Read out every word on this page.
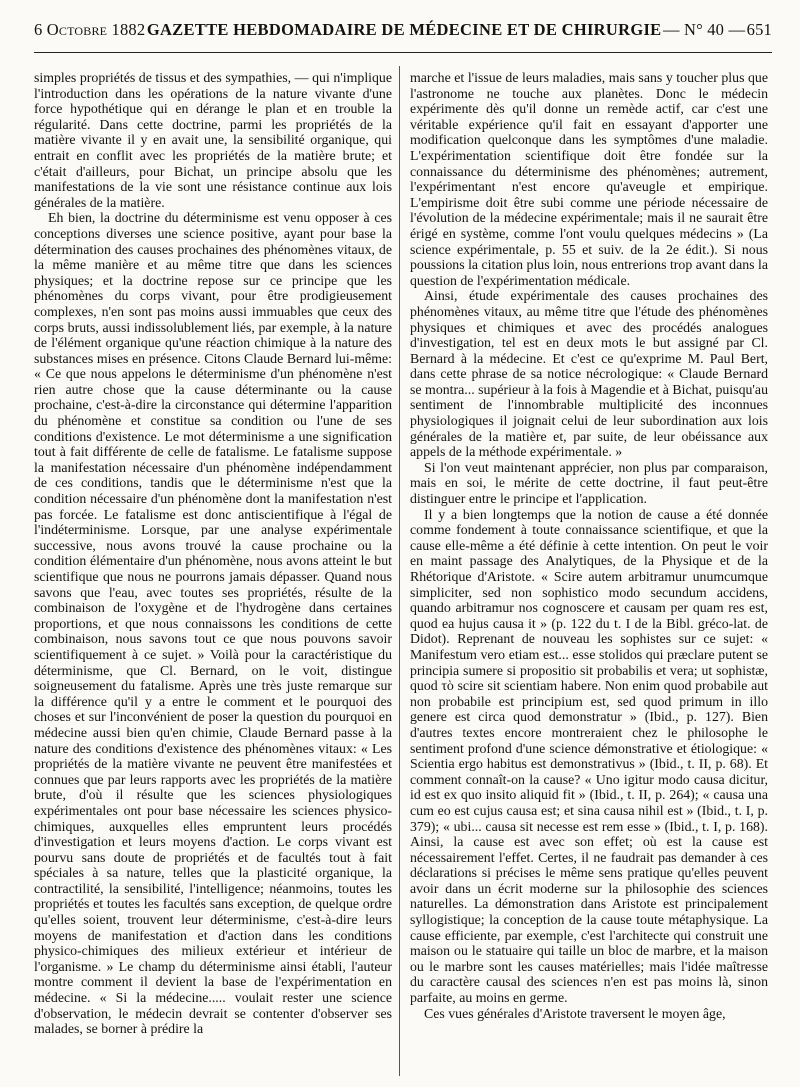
6 Octobre 1882 GAZETTE HEBDOMADAIRE DE MÉDECINE ET DE CHIRURGIE — N° 40 — 651

simples propriétés de tissus et des sympathies, — qui n'implique l'introduction dans les opérations de la nature vivante d'une force hypothétique qui en dérange le plan et en trouble la régularité. Dans cette doctrine, parmi les propriétés de la matière vivante il y en avait une, la sensibilité organique, qui entrait en conflit avec les propriétés de la matière brute; et c'était d'ailleurs, pour Bichat, un principe absolu que les manifestations de la vie sont une résistance continue aux lois générales de la matière.

Eh bien, la doctrine du déterminisme est venu opposer à ces conceptions diverses une science positive, ayant pour base la détermination des causes prochaines des phénomènes vitaux, de la même manière et au même titre que dans les sciences physiques; et la doctrine repose sur ce principe que les phénomènes du corps vivant, pour être prodigieusement complexes, n'en sont pas moins aussi immuables que ceux des corps bruts, aussi indissolublement liés, par exemple, à la nature de l'élément organique qu'une réaction chimique à la nature des substances mises en présence. Citons Claude Bernard lui-même: « Ce que nous appelons le déterminisme d'un phénomène n'est rien autre chose que la cause déterminante ou la cause prochaine, c'est-à-dire la circonstance qui détermine l'apparition du phénomène et constitue sa condition ou l'une de ses conditions d'existence. Le mot déterminisme a une signification tout à fait différente de celle de fatalisme. Le fatalisme suppose la manifestation nécessaire d'un phénomène indépendamment de ces conditions, tandis que le déterminisme n'est que la condition nécessaire d'un phénomène dont la manifestation n'est pas forcée. Le fatalisme est donc antiscientifique à l'égal de l'indéterminisme. Lorsque, par une analyse expérimentale successive, nous avons trouvé la cause prochaine ou la condition élémentaire d'un phénomène, nous avons atteint le but scientifique que nous ne pourrons jamais dépasser. Quand nous savons que l'eau, avec toutes ses propriétés, résulte de la combinaison de l'oxygène et de l'hydrogène dans certaines proportions, et que nous connaissons les conditions de cette combinaison, nous savons tout ce que nous pouvons savoir scientifiquement à ce sujet. » Voilà pour la caractéristique du déterminisme, que Cl. Bernard, on le voit, distingue soigneusement du fatalisme. Après une très juste remarque sur la différence qu'il y a entre le comment et le pourquoi des choses et sur l'inconvénient de poser la question du pourquoi en médecine aussi bien qu'en chimie, Claude Bernard passe à la nature des conditions d'existence des phénomènes vitaux: « Les propriétés de la matière vivante ne peuvent être manifestées et connues que par leurs rapports avec les propriétés de la matière brute, d'où il résulte que les sciences physiologiques expérimentales ont pour base nécessaire les sciences physico-chimiques, auxquelles elles empruntent leurs procédés d'investigation et leurs moyens d'action. Le corps vivant est pourvu sans doute de propriétés et de facultés tout à fait spéciales à sa nature, telles que la plasticité organique, la contractilité, la sensibilité, l'intelligence; néanmoins, toutes les propriétés et toutes les facultés sans exception, de quelque ordre qu'elles soient, trouvent leur déterminisme, c'est-à-dire leurs moyens de manifestation et d'action dans les conditions physico-chimiques des milieux extérieur et intérieur de l'organisme. » Le champ du déterminisme ainsi établi, l'auteur montre comment il devient la base de l'expérimentation en médecine. « Si la médecine..... voulait rester une science d'observation, le médecin devrait se contenter d'observer ses malades, se borner à prédire la

marche et l'issue de leurs maladies, mais sans y toucher plus que l'astronome ne touche aux planètes. Donc le médecin expérimente dès qu'il donne un remède actif, car c'est une véritable expérience qu'il fait en essayant d'apporter une modification quelconque dans les symptômes d'une maladie. L'expérimentation scientifique doit être fondée sur la connaissance du déterminisme des phénomènes; autrement, l'expérimentant n'est encore qu'aveugle et empirique. L'empirisme doit être subi comme une période nécessaire de l'évolution de la médecine expérimentale; mais il ne saurait être érigé en système, comme l'ont voulu quelques médecins » (La science expérimentale, p. 55 et suiv. de la 2e édit.). Si nous poussions la citation plus loin, nous entrerions trop avant dans la question de l'expérimentation médicale.

Ainsi, étude expérimentale des causes prochaines des phénomènes vitaux, au même titre que l'étude des phénomènes physiques et chimiques et avec des procédés analogues d'investigation, tel est en deux mots le but assigné par Cl. Bernard à la médecine. Et c'est ce qu'exprime M. Paul Bert, dans cette phrase de sa notice nécrologique: « Claude Bernard se montra... supérieur à la fois à Magendie et à Bichat, puisqu'au sentiment de l'innombrable multiplicité des inconnues physiologiques il joignait celui de leur subordination aux lois générales de la matière et, par suite, de leur obéissance aux appels de la méthode expérimentale. »

Si l'on veut maintenant apprécier, non plus par comparaison, mais en soi, le mérite de cette doctrine, il faut peut-être distinguer entre le principe et l'application.

Il y a bien longtemps que la notion de cause a été donnée comme fondement à toute connaissance scientifique, et que la cause elle-même a été définie à cette intention. On peut le voir en maint passage des Analytiques, de la Physique et de la Rhétorique d'Aristote. « Scire autem arbitramur unumcumque simpliciter, sed non sophistico modo secundum accidens, quando arbitramur nos cognoscere et causam per quam res est, quod ea hujus causa it » (p. 122 du t. I de la Bibl. gréco-lat. de Didot). Reprenant de nouveau les sophistes sur ce sujet: « Manifestum vero etiam est... esse stolidos qui præclare putent se principia sumere si propositio sit probabilis et vera; ut sophistæ, quod τὸ scire sit scientiam habere. Non enim quod probabile aut non probabile est principium est, sed quod primum in illo genere est circa quod demonstratur » (Ibid., p. 127). Bien d'autres textes encore montreraient chez le philosophe le sentiment profond d'une science démonstrative et étiologique: « Scientia ergo habitus est demonstrativus » (Ibid., t. II, p. 68). Et comment connaît-on la cause? « Uno igitur modo causa dicitur, id est ex quo insito aliquid fit » (Ibid., t. II, p. 264); « causa una cum eo est cujus causa est; et sina causa nihil est » (Ibid., t. I, p. 379); « ubi... causa sit necesse est rem esse » (Ibid., t. I, p. 168). Ainsi, la cause est avec son effet; où est la cause est nécessairement l'effet. Certes, il ne faudrait pas demander à ces déclarations si précises le même sens pratique qu'elles peuvent avoir dans un écrit moderne sur la philosophie des sciences naturelles. La démonstration dans Aristote est principalement syllogistique; la conception de la cause toute métaphysique. La cause efficiente, par exemple, c'est l'architecte qui construit une maison ou le statuaire qui taille un bloc de marbre, et la maison ou le marbre sont les causes matérielles; mais l'idée maîtresse du caractère causal des sciences n'en est pas moins là, sinon parfaite, au moins en germe.

Ces vues générales d'Aristote traversent le moyen âge,
